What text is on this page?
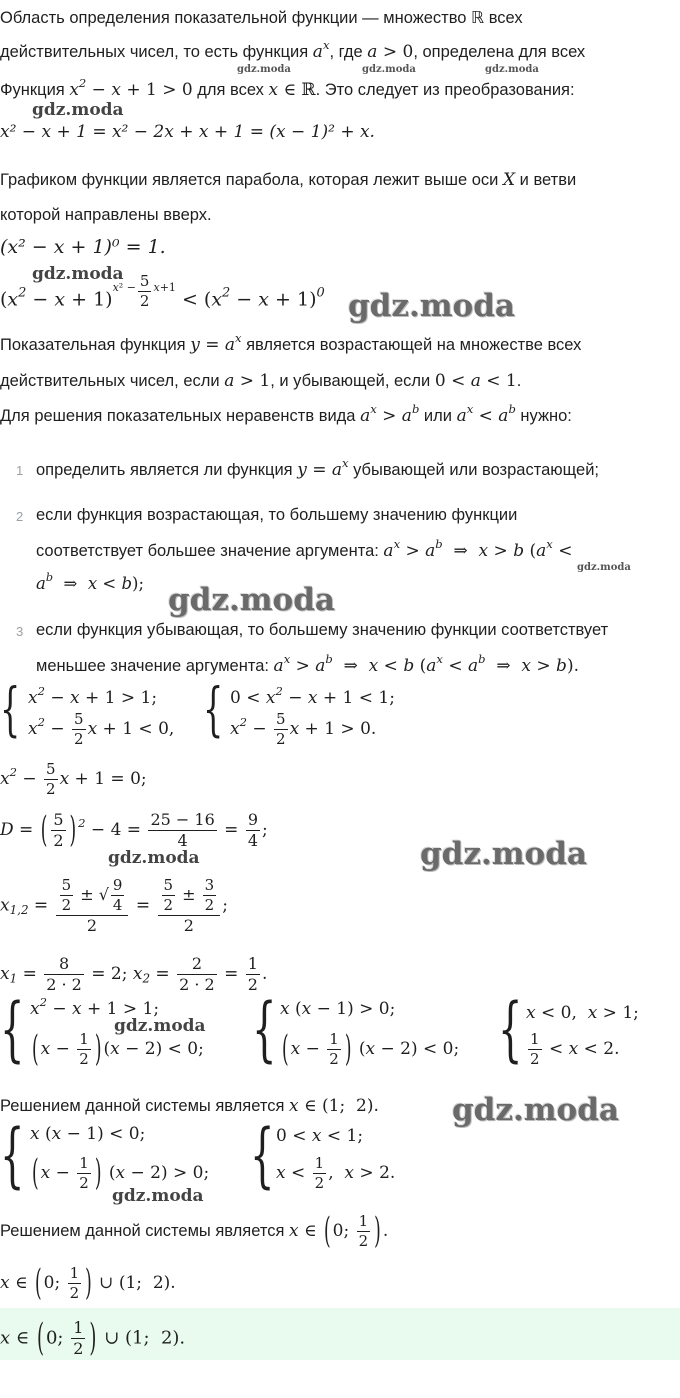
Область определения показательной функции — множество ℝ всех
действительных чисел, то есть функция $a^x$, где a > 0, определена для всех
gdz.moda	gdz.moda	gdz.moda
Функция $x^2 - x + 1 > 0$ для всех x ∈ ℝ. Это следует из преобразования:
gdz.moda
x² − x + 1 = x² − 2x + x + 1 = (x − 1)² + x.
Графиком функции является парабола, которая лежит выше оси X и ветви
которой направлены вверх.
(x² − x + 1)⁰ = 1.
gdz.moda
$(x^2 - x + 1)^{x^2 -} \frac{5}{2} ^{x+1} < (x^2 - x + 1)^0$ gdz.moda
Показательная функция $y = a^x$ является возрастающей на множестве всех
действительных чисел, если a > 1, и убывающей, если 0 < a < 1.
Для решения показательных неравенств вида $a^x > a^b$ или $a^x < a^b$ нужно:
1 определить является ли функция $y = a^x$ убывающей или возрастающей;
2 если функция возрастающая, то большему значению функции
соответствует большее значение аргумента: $a^x > a^b$  ⇒  x > b ($a^x$ <
$a^b$  ⇒  x < b);
gdz.moda
gdz.moda
3 если функция убывающая, то большему значению функции соответствует
меньшее значение аргумента: $a^x > a^b$  ⇒  x < b ($a^x < a^b$  ⇒  x > b).
{ $x^2 - x + 1 > 1$;
$x^2 - \frac{5}{2}$ x + 1 < 0, { $0 < x^2 - x + 1 < 1$;
$x^2 - \frac{5}{2}$ x + 1 > 0.
$x^2 - \frac{5}{2}$ x + 1 = 0;
D = ( $\frac{5}{2}$ ) $^2 - 4 = \frac{25 - 16}{4} = \frac{9}{4}$ ;
gdz.moda	gdz.moda
$x_{1,2} = \frac{\frac{5}{2} \pm √ \frac{9}{4}}{2} = \frac{\frac{5}{2} \pm \frac{3}{2}}{2}$ ;
$x_1 = \frac{8}{2 \cdot 2} = 2$; $x_2 = \frac{2}{2 \cdot 2} = \frac{1}{2}$ .
{ $x^2 - x + 1 > 1$;
( $x - \frac{1}{2}$ ) (x − 2) < 0;
gdz.moda { x (x − 1) > 0;
( $x - \frac{1}{2}$ ) (x − 2) < 0; { x < 0,  x > 1;
$\frac{1}{2} < x < 2$.
Решением данной системы является x ∈ (1;  2). gdz.moda
{ x (x − 1) < 0;
( $x - \frac{1}{2}$ ) (x − 2) > 0;
gdz.moda { 0 < x < 1;
$x < \frac{1}{2}$ ,  x > 2.
Решением данной системы является x ∈ ( 0; $\frac{1}{2}$ ) .
x ∈ ( 0; $\frac{1}{2}$ ) ∪ (1;  2).
x ∈ ( 0; $\frac{1}{2}$ ) ∪ (1;  2).
